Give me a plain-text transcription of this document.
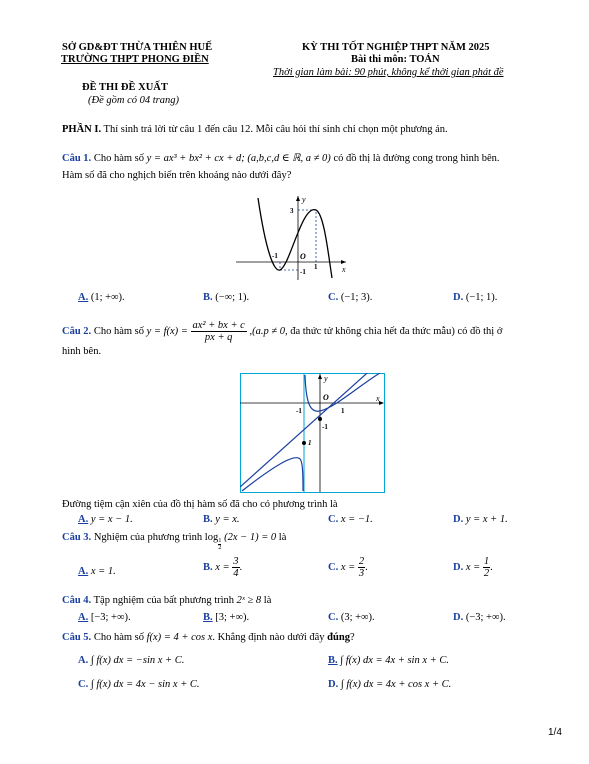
SỞ GD&ĐT THỪA THIÊN HUẾ
TRƯỜNG THPT PHONG ĐIỀN
ĐỀ THI ĐỀ XUẤT
(Đề gồm có 04 trang)
KỲ THI TỐT NGHIỆP THPT NĂM 2025
Bài thi môn: TOÁN
Thời gian làm bài: 90 phút, không kể thời gian phát đề
PHẦN I. Thí sinh trả lời từ câu 1 đến câu 12. Mỗi câu hỏi thí sinh chỉ chọn một phương án.
Câu 1. Cho hàm số y = ax³ + bx² + cx + d; (a,b,c,d ∈ ℝ, a ≠ 0) có đồ thị là đường cong trong hình bên.
Hàm số đã cho nghịch biến trên khoảng nào dưới đây?
y
x
3
-1	O
1
-1
A. (1; +∞).	B. (−∞; 1).	C. (−1; 3).	D. (−1; 1).
Câu 2. Cho hàm số $y = f(x) = \frac{\text{ax² + bx + c}}{px + q} ,(a.p \ne 0$, đa thức tử không chia hết đa thức mẫu) có đồ thị ở
hình bên.
y
x
O
-1	1
-1
1
Đường tiệm cận xiên của đồ thị hàm số đã cho có phương trình là
A. y = x − 1.	B. y = x.	C. x = −1.	D. y = x + 1.
Câu 3. Nghiệm của phương trình log
$\frac{1}{2}$
(2x − 1) = 0 là
A. x = 1.	B. $x = \frac{3}{4}$ .	C. $x = \frac{2}{3}$ .	D. $x = \frac{1}{2}$ .
Câu 4. Tập nghiệm của bất phương trình 2ˣ ≥ 8 là
A. [−3; +∞).	B. [3; +∞).	C. (3; +∞).	D. (−3; +∞).
Câu 5. Cho hàm số f(x) = 4 + cos x. Khẳng định nào dưới đây đúng?
A. ∫ f(x) dx = −sin x + C.	B. ∫ f(x) dx = 4x + sin x + C.
C. ∫ f(x) dx = 4x − sin x + C.	D. ∫ f(x) dx = 4x + cos x + C.
1/4
